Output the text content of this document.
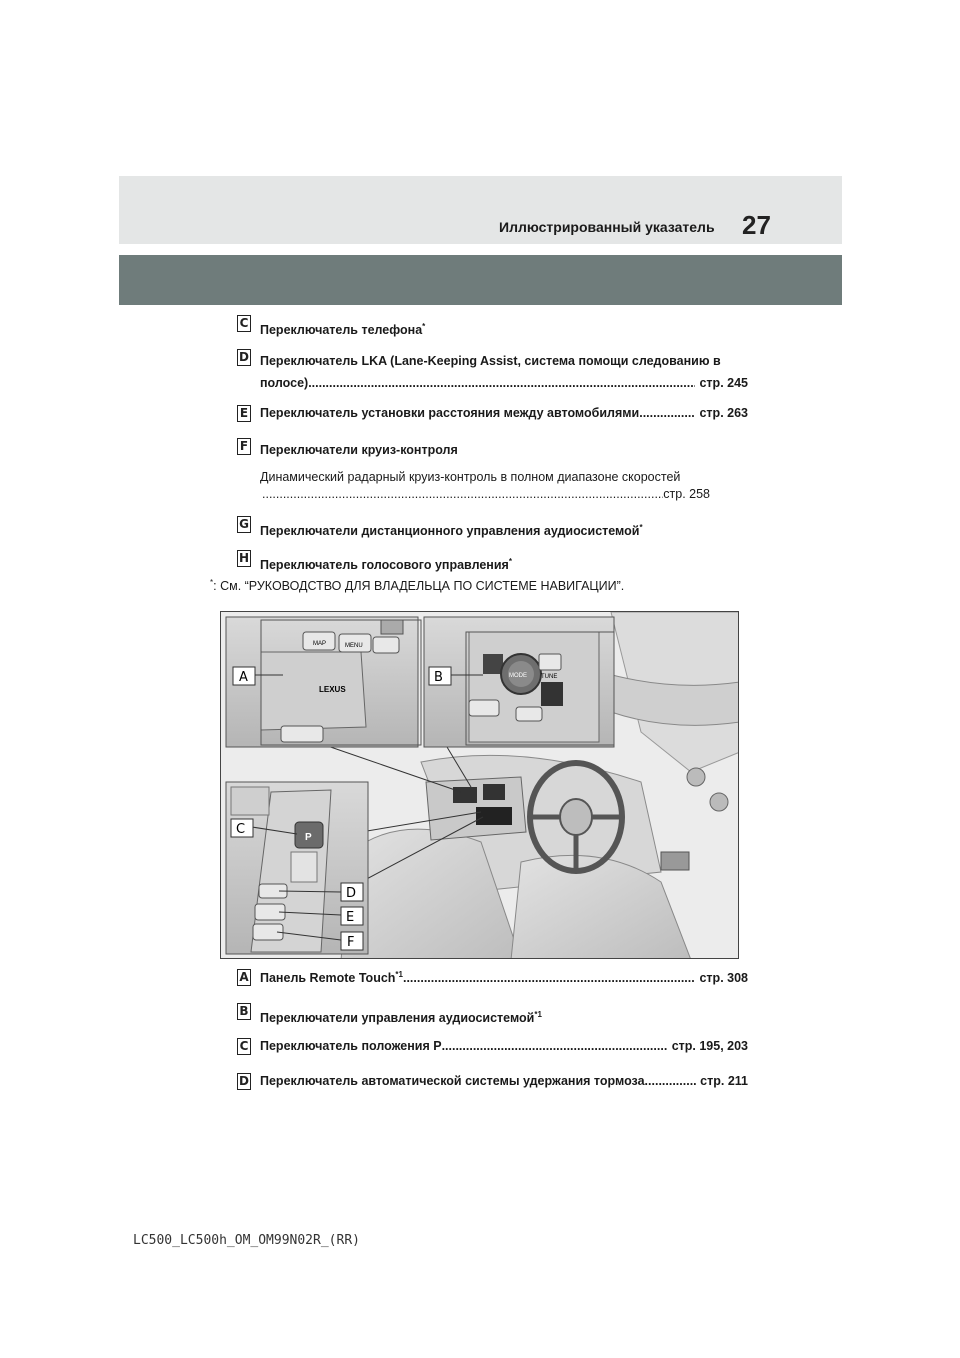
Иллюстрированный указатель 27
C
Переключатель телефона*
D Переключатель LKA (Lane-Keeping Assist, система помощи следованию в
полосе) .....	стр. 245
E Переключатель установки расстояния между автомобилями .....	стр. 263
F Переключатели круиз-контроля
Динамический радарный круиз-контроль в полном диапазоне скоростей
.....
стр. 258
G
Переключатели дистанционного управления аудиосистемой*
H
Переключатель голосового управления*
*: См. “РУКОВОДСТВО ДЛЯ ВЛАДЕЛЬЦА ПО СИСТЕМЕ НАВИГАЦИИ”.
MAP	MENU
LEXUS
MODE TUNE
P
A	B
C
D
E
F
A Панель Remote Touch$^{*1}$ .....	стр. 308
B
Переключатели управления аудиосистемой$^{*1}$
C Переключатель положения P .....	стр. 195, 203
D Переключатель автоматической системы удержания тормоза .....	стр. 211
LC500_LC500h_OM_OM99N02R_(RR)
